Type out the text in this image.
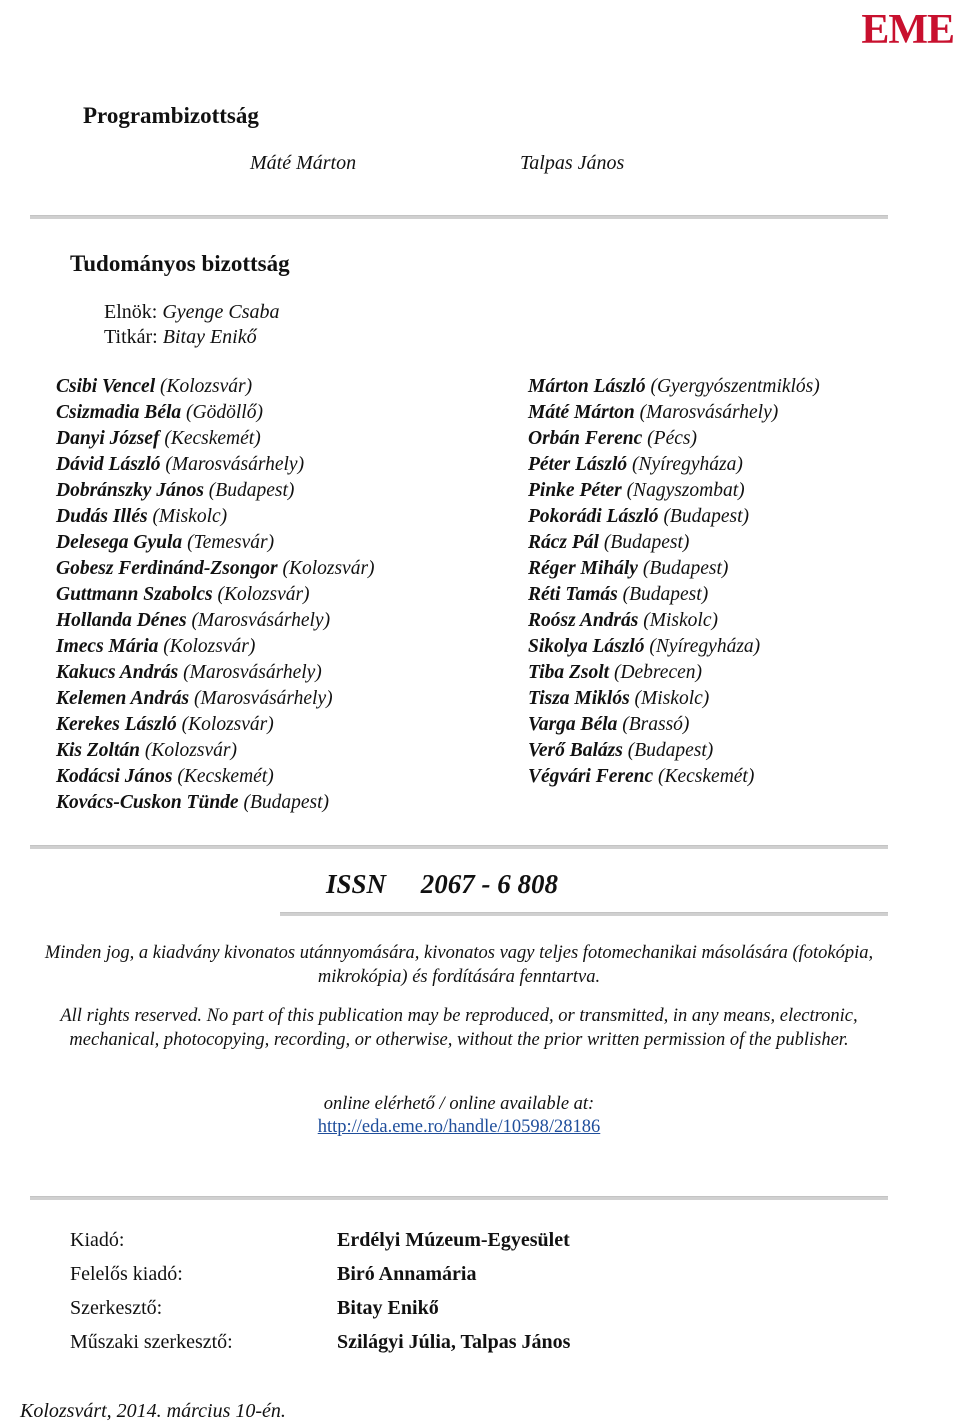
EME
Programbizottság
Máté Márton	Talpas János
Tudományos bizottság
Elnök: Gyenge Csaba
Titkár: Bitay Enikő
Csibi Vencel (Kolozsvár)
Csizmadia Béla (Gödöllő)
Danyi József (Kecskemét)
Dávid László (Marosvásárhely)
Dobránszky János (Budapest)
Dudás Illés (Miskolc)
Delesega Gyula (Temesvár)
Gobesz Ferdinánd-Zsongor (Kolozsvár)
Guttmann Szabolcs (Kolozsvár)
Hollanda Dénes (Marosvásárhely)
Imecs Mária (Kolozsvár)
Kakucs András (Marosvásárhely)
Kelemen András (Marosvásárhely)
Kerekes László (Kolozsvár)
Kis Zoltán (Kolozsvár)
Kodácsi János (Kecskemét)
Kovács-Cuskon Tünde (Budapest)
Márton László (Gyergyószentmiklós)
Máté Márton (Marosvásárhely)
Orbán Ferenc (Pécs)
Péter László (Nyíregyháza)
Pinke Péter (Nagyszombat)
Pokorádi László (Budapest)
Rácz Pál (Budapest)
Réger Mihály (Budapest)
Réti Tamás (Budapest)
Roósz András (Miskolc)
Sikolya László (Nyíregyháza)
Tiba Zsolt (Debrecen)
Tisza Miklós (Miskolc)
Varga Béla (Brassó)
Verő Balázs (Budapest)
Végvári Ferenc (Kecskemét)
ISSN 2067 - 6 808
Minden jog, a kiadvány kivonatos utánnyomására, kivonatos vagy teljes fotomechanikai másolására (fotokópia, mikrokópia) és fordítására fenntartva.
All rights reserved. No part of this publication may be reproduced, or transmitted, in any means, electronic, mechanical, photocopying, recording, or otherwise, without the prior written permission of the publisher.
online elérhető / online available at:
http://eda.eme.ro/handle/10598/28186
Kiadó:	Erdélyi Múzeum-Egyesület
Felelős kiadó:	Biró Annamária
Szerkesztő:	Bitay Enikő
Műszaki szerkesztő:	Szilágyi Júlia, Talpas János
Kolozsvárt, 2014. március 10-én.
